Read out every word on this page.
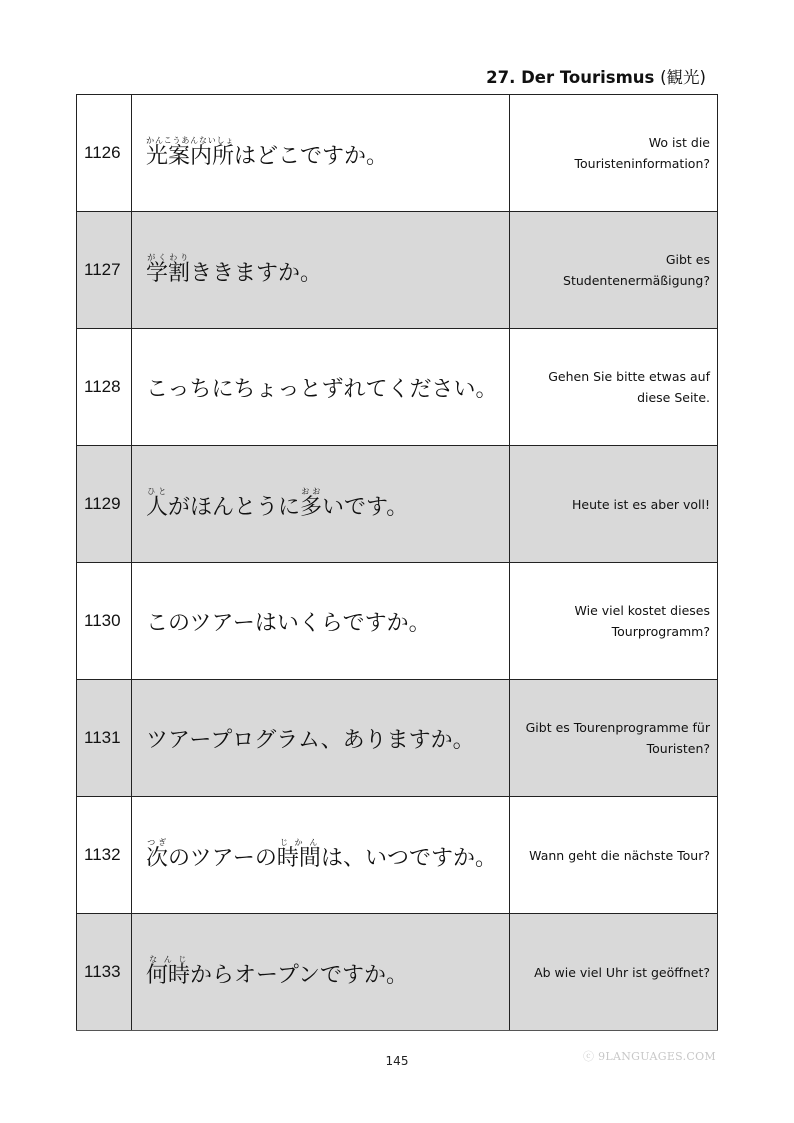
27. Der Tourismus (観光)
1126	光案内所かんこうあんないしょはどこですか。	Wo ist die Touristeninformation?
1127	学割がくわりききますか。	Gibt es Studentenermäßigung?
1128	こっちにちょっとずれてください。	Gehen Sie bitte etwas auf diese Seite.
1129	人ひとがほんとうに多おおいです。	Heute ist es aber voll!
1130	このツアーはいくらですか。	Wie viel kostet dieses Tourprogramm?
1131	ツアープログラム、ありますか。	Gibt es Tourenprogramme für Touristen?
1132	次つぎのツアーの時間じかんは、いつですか。	Wann geht die nächste Tour?
1133	何時なんじからオープンですか。	Ab wie viel Uhr ist geöffnet?
145	ⓒ 9LANGUAGES.COM
